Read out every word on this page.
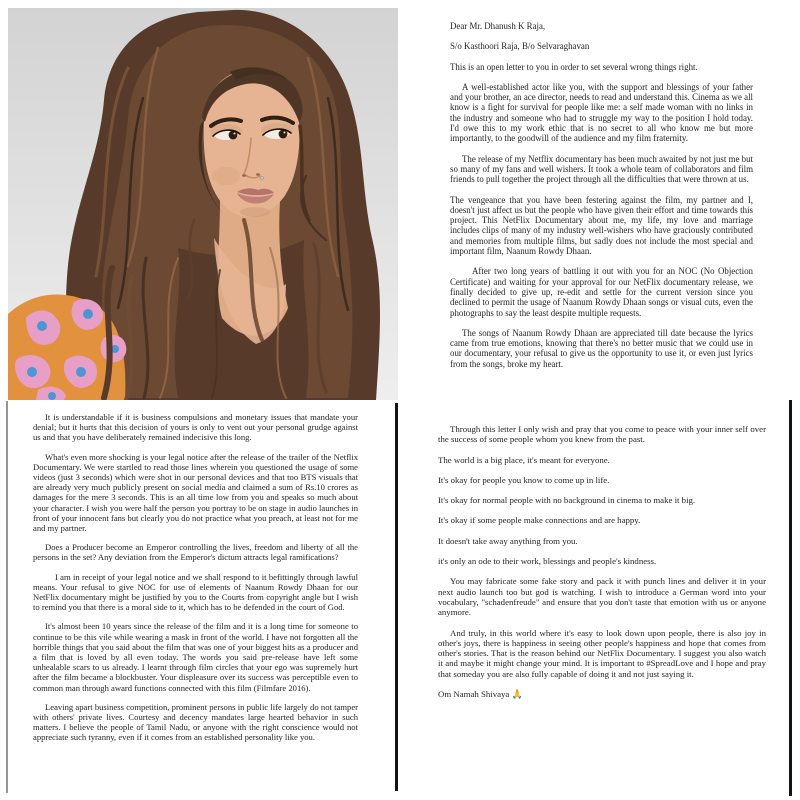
Dear Mr. Dhanush K Raja,

S/o Kasthoori Raja, B/o Selvaraghavan

This is an open letter to you in order to set several wrong things right.

A well-established actor like you, with the support and blessings of your father and your brother, an ace director, needs to read and understand this. Cinema as we all know is a fight for survival for people like me: a self made woman with no links in the industry and someone who had to struggle my way to the position I hold today. I'd owe this to my work ethic that is no secret to all who know me but more importantly, to the goodwill of the audience and my film fraternity.

The release of my Netflix documentary has been much awaited by not just me but so many of my fans and well wishers. It took a whole team of collaborators and film friends to pull together the project through all the difficulties that were thrown at us.

The vengeance that you have been festering against the film, my partner and I, doesn't just affect us but the people who have given their effort and time towards this project. This NetFlix Documentary about me, my life, my love and marriage includes clips of many of my industry well-wishers who have graciously contributed and memories from multiple films, but sadly does not include the most special and important film, Naanum Rowdy Dhaan.

After two long years of battling it out with you for an NOC (No Objection Certificate) and waiting for your approval for our NetFlix documentary release, we finally decided to give up, re-edit and settle for the current version since you declined to permit the usage of Naanum Rowdy Dhaan songs or visual cuts, even the photographs to say the least despite multiple requests.

The songs of Naanum Rowdy Dhaan are appreciated till date because the lyrics came from true emotions, knowing that there's no better music that we could use in our documentary, your refusal to give us the opportunity to use it, or even just lyrics from the songs, broke my heart.

It is understandable if it is business compulsions and monetary issues that mandate your denial; but it hurts that this decision of yours is only to vent out your personal grudge against us and that you have deliberately remained indecisive this long.

What's even more shocking is your legal notice after the release of the trailer of the Netflix Documentary. We were startled to read those lines wherein you questioned the usage of some videos (just 3 seconds) which were shot in our personal devices and that too BTS visuals that are already very much publicly present on social media and claimed a sum of Rs.10 crores as damages for the mere 3 seconds. This is an all time low from you and speaks so much about your character. I wish you were half the person you portray to be on stage in audio launches in front of your innocent fans but clearly you do not practice what you preach, at least not for me and my partner.

Does a Producer become an Emperor controlling the lives, freedom and liberty of all the persons in the set? Any deviation from the Emperor's dictum attracts legal ramifications?

I am in receipt of your legal notice and we shall respond to it befittingly through lawful means. Your refusal to give NOC for use of elements of Naanum Rowdy Dhaan for our NetFlix documentary might be justified by you to the Courts from copyright angle but I wish to remind you that there is a moral side to it, which has to be defended in the court of God.

It's almost been 10 years since the release of the film and it is a long time for someone to continue to be this vile while wearing a mask in front of the world. I have not forgotten all the horrible things that you said about the film that was one of your biggest hits as a producer and a film that is loved by all even today. The words you said pre-release have left some unhealable scars to us already. I learnt through film circles that your ego was supremely hurt after the film became a blockbuster. Your displeasure over its success was perceptible even to common man through award functions connected with this film (Filmfare 2016).

Leaving apart business competition, prominent persons in public life largely do not tamper with others' private lives. Courtesy and decency mandates large hearted behavior in such matters. I believe the people of Tamil Nadu, or anyone with the right conscience would not appreciate such tyranny, even if it comes from an established personality like you.

Through this letter I only wish and pray that you come to peace with your inner self over the success of some people whom you knew from the past.

The world is a big place, it's meant for everyone.

It's okay for people you know to come up in life.

It's okay for normal people with no background in cinema to make it big.

It's okay if some people make connections and are happy.

It doesn't take away anything from you.

it's only an ode to their work, blessings and people's kindness.

You may fabricate some fake story and pack it with punch lines and deliver it in your next audio launch too but god is watching. I wish to introduce a German word into your vocabulary, "schadenfreude" and ensure that you don't taste that emotion with us or anyone anymore.

And truly, in this world where it's easy to look down upon people, there is also joy in other's joys, there is happiness in seeing other people's happiness and hope that comes from other's stories. That is the reason behind our NetFlix Documentary. I suggest you also watch it and maybe it might change your mind. It is important to #SpreadLove and I hope and pray that someday you are also fully capable of doing it and not just saying it.

Om Namah Shivaya 🙏
